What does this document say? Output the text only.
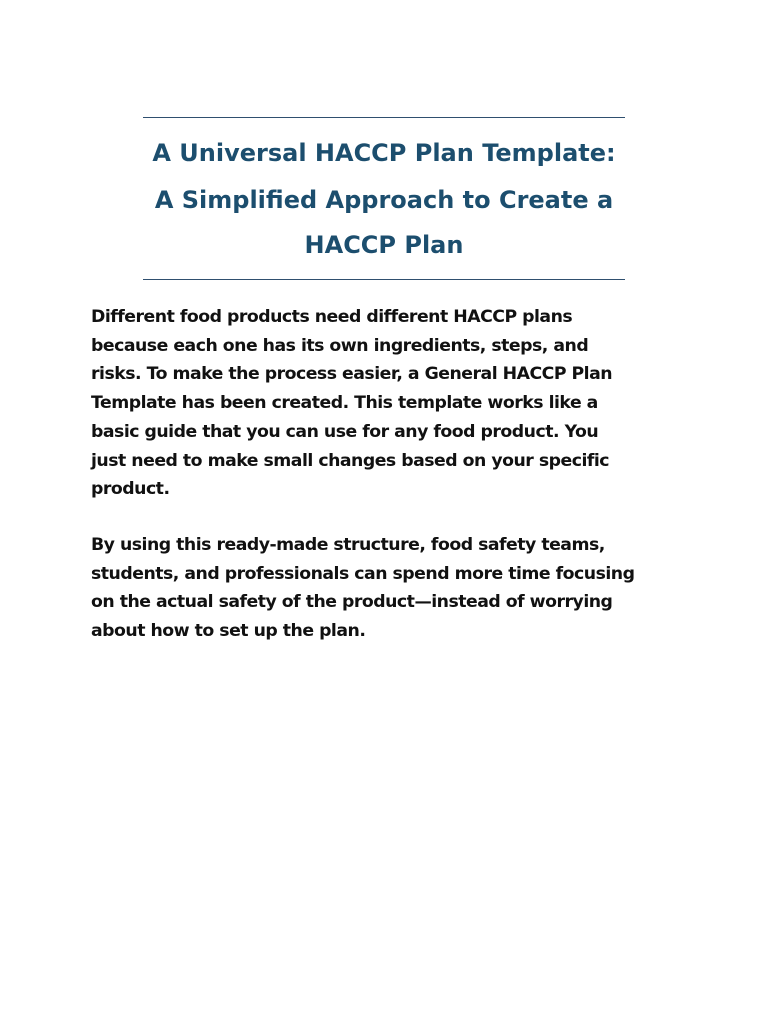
A Universal HACCP Plan Template:
A Simplified Approach to Create a
HACCP Plan
Different food products need different HACCP plans
because each one has its own ingredients, steps, and
risks. To make the process easier, a General HACCP Plan
Template has been created. This template works like a
basic guide that you can use for any food product. You
just need to make small changes based on your specific
product.
By using this ready-made structure, food safety teams,
students, and professionals can spend more time focusing
on the actual safety of the product—instead of worrying
about how to set up the plan.
